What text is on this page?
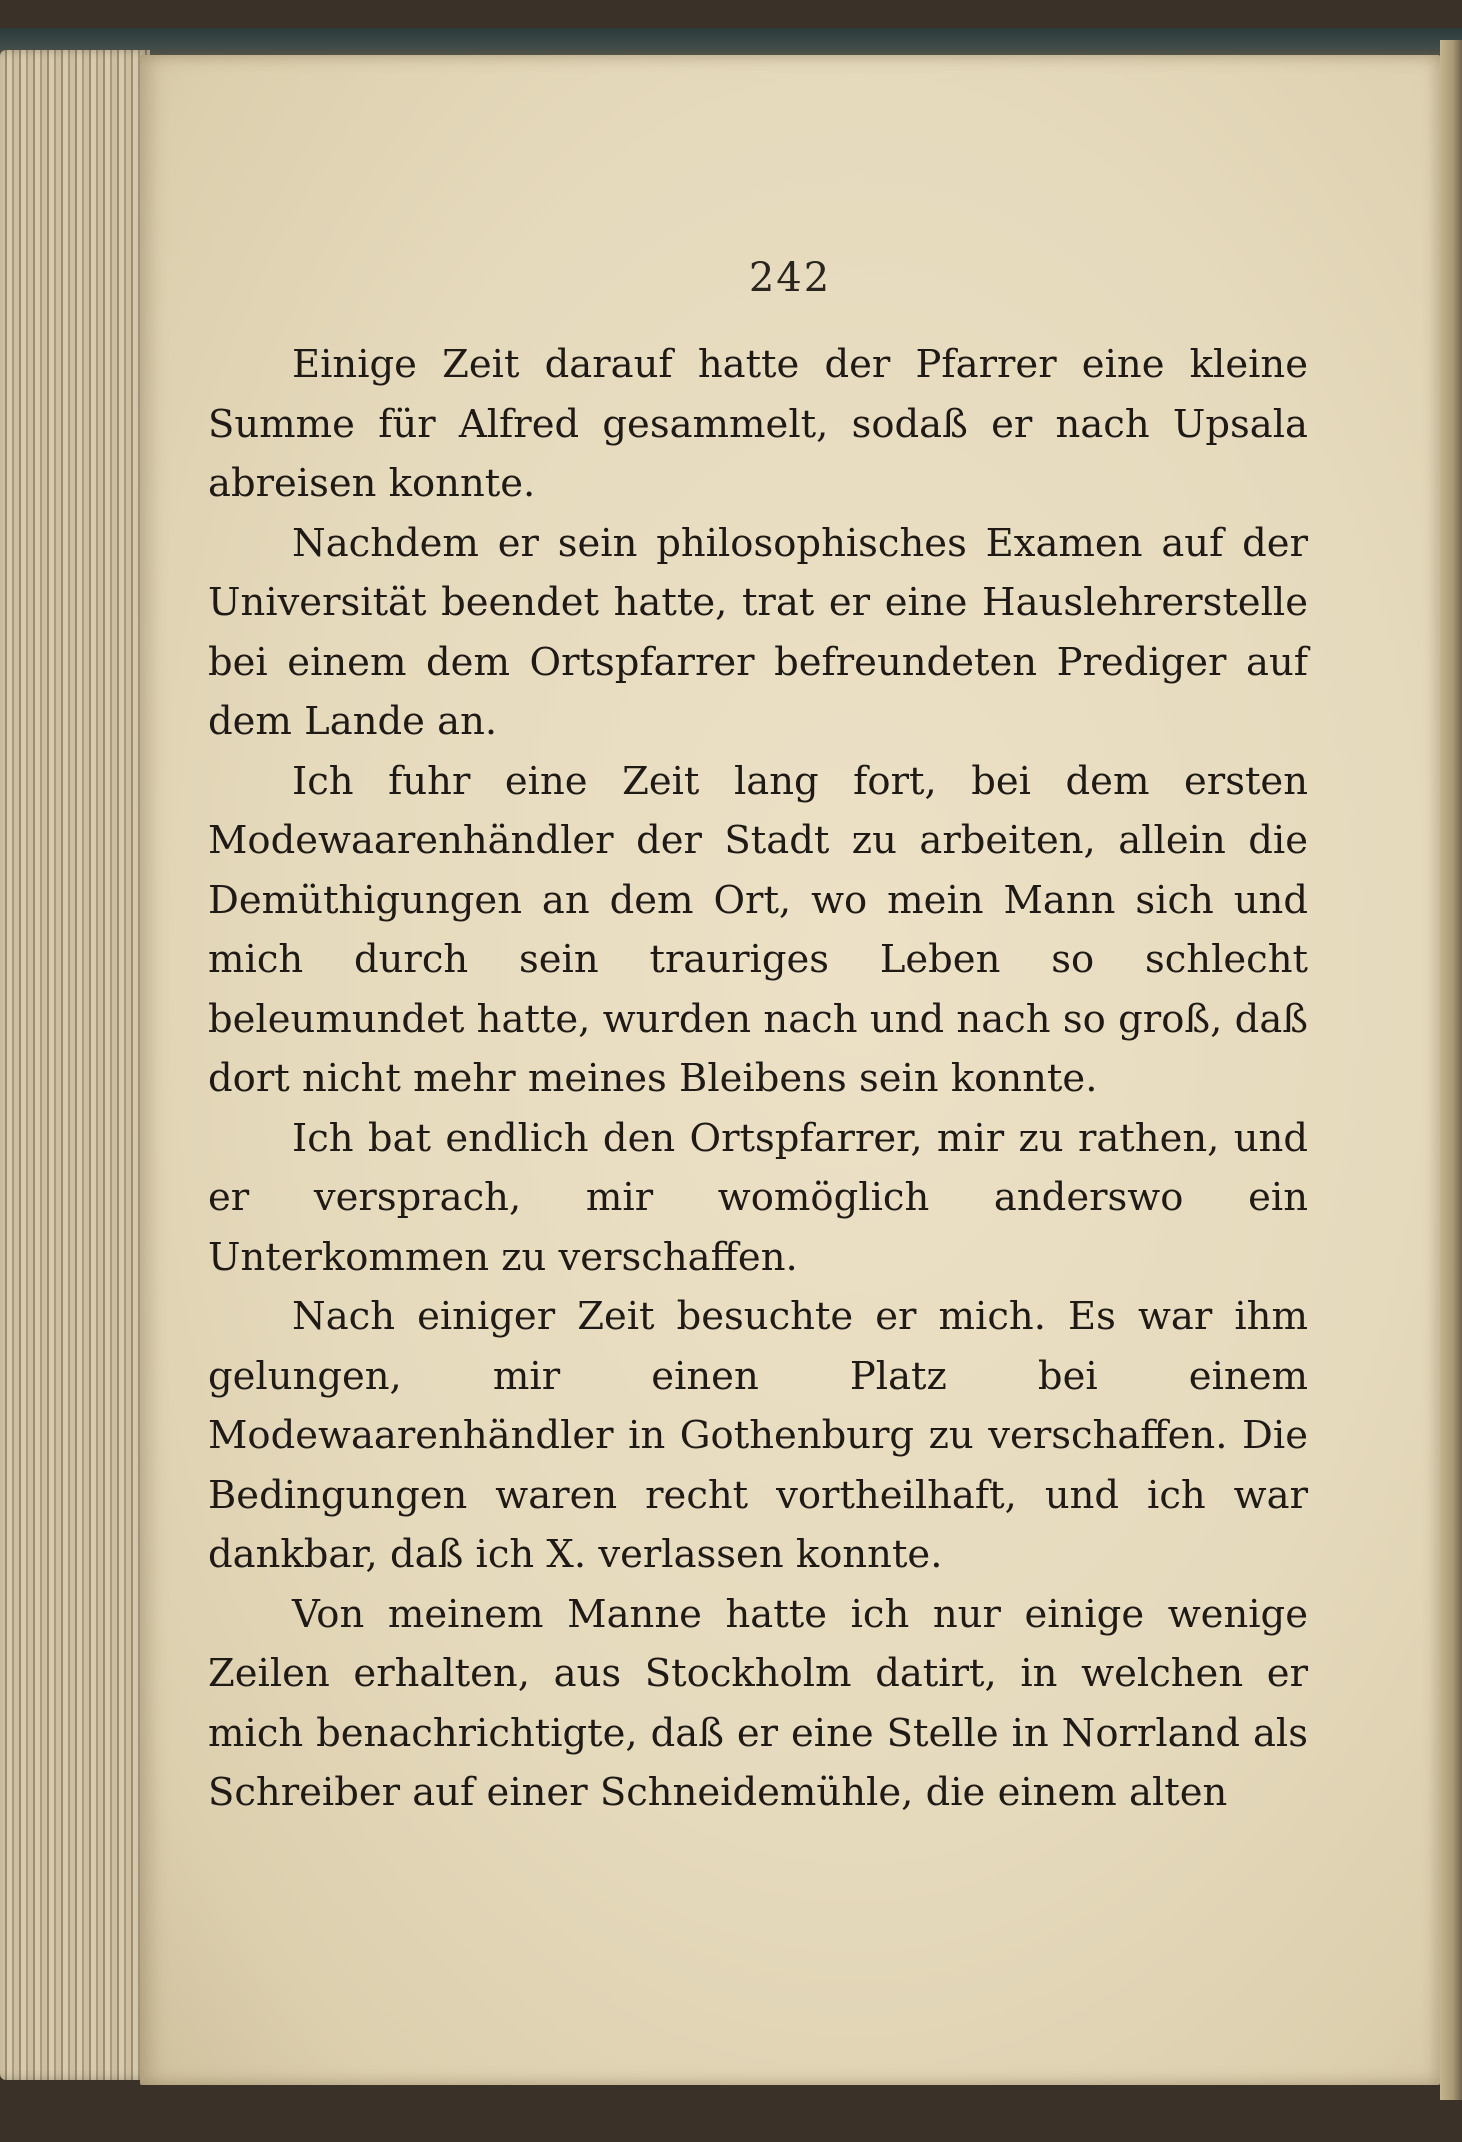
242

Einige Zeit darauf hatte der Pfarrer eine kleine Summe für Alfred gesammelt, sodaß er nach Upsala abreisen konnte.

Nachdem er sein philosophisches Examen auf der Universität beendet hatte, trat er eine Hauslehrerstelle bei einem dem Ortspfarrer befreundeten Prediger auf dem Lande an.

Ich fuhr eine Zeit lang fort, bei dem ersten Modewaarenhändler der Stadt zu arbeiten, allein die Demüthigungen an dem Ort, wo mein Mann sich und mich durch sein trauriges Leben so schlecht beleumundet hatte, wurden nach und nach so groß, daß dort nicht mehr meines Bleibens sein konnte.

Ich bat endlich den Ortspfarrer, mir zu rathen, und er versprach, mir womöglich anderswo ein Unterkommen zu verschaffen.

Nach einiger Zeit besuchte er mich. Es war ihm gelungen, mir einen Platz bei einem Modewaarenhändler in Gothenburg zu verschaffen. Die Bedingungen waren recht vortheilhaft, und ich war dankbar, daß ich X. verlassen konnte.

Von meinem Manne hatte ich nur einige wenige Zeilen erhalten, aus Stockholm datirt, in welchen er mich benachrichtigte, daß er eine Stelle in Norrland als Schreiber auf einer Schneidemühle, die einem alten
